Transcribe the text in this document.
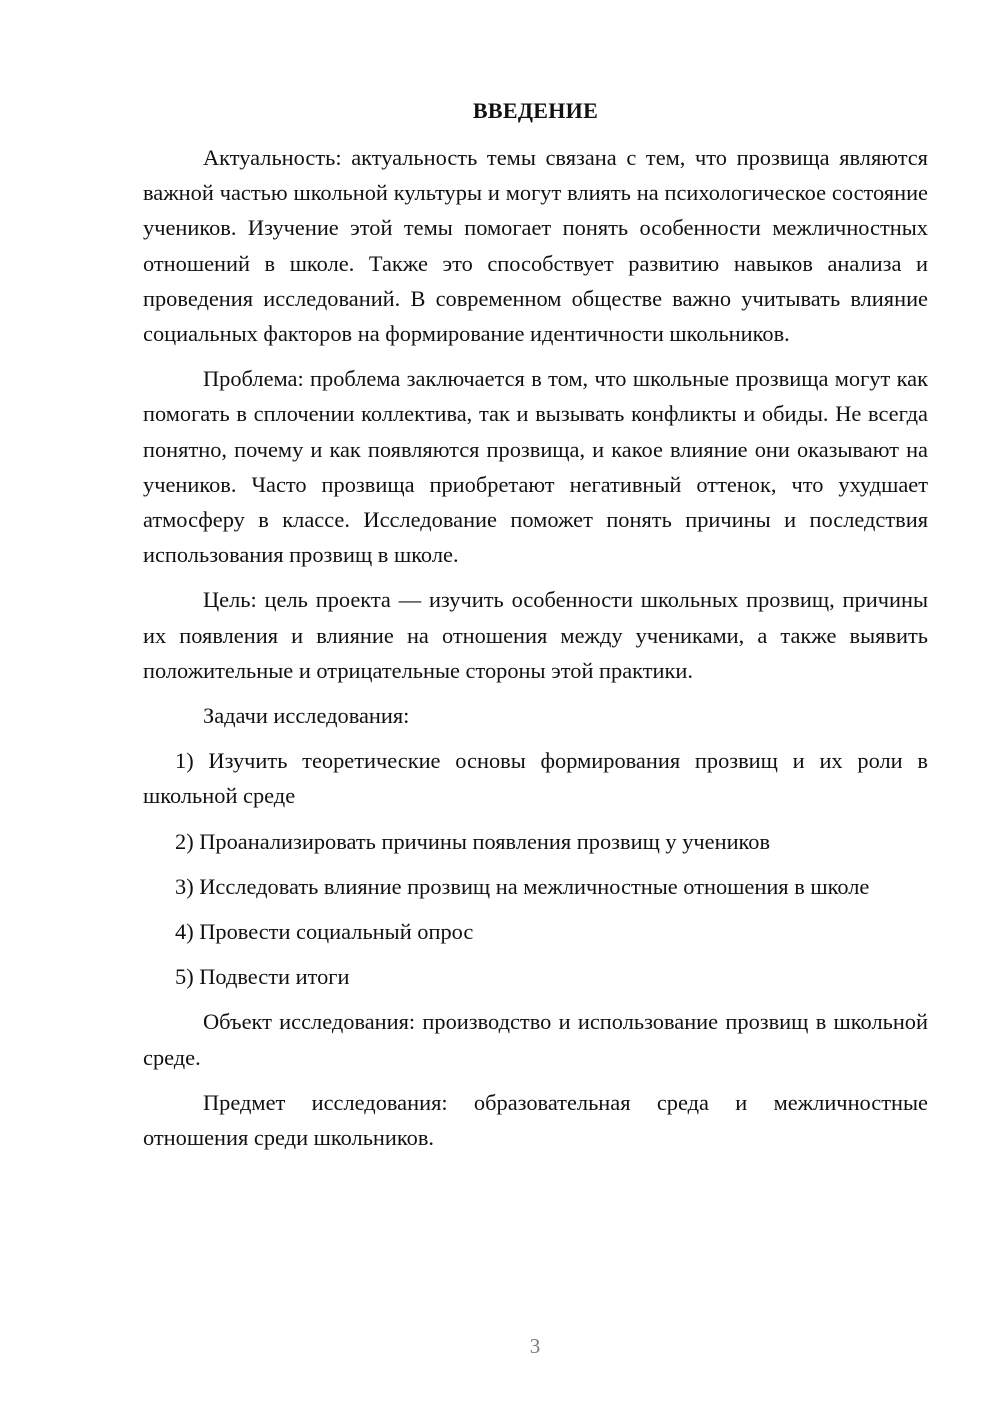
ВВЕДЕНИЕ

Актуальность: актуальность темы связана с тем, что прозвища являются важной частью школьной культуры и могут влиять на психологическое состояние учеников. Изучение этой темы помогает понять особенности межличностных отношений в школе. Также это способствует развитию навыков анализа и проведения исследований. В современном обществе важно учитывать влияние социальных факторов на формирование идентичности школьников.

Проблема: проблема заключается в том, что школьные прозвища могут как помогать в сплочении коллектива, так и вызывать конфликты и обиды. Не всегда понятно, почему и как появляются прозвища, и какое влияние они оказывают на учеников. Часто прозвища приобретают негативный оттенок, что ухудшает атмосферу в классе. Исследование поможет понять причины и последствия использования прозвищ в школе.

Цель: цель проекта — изучить особенности школьных прозвищ, причины их появления и влияние на отношения между учениками, а также выявить положительные и отрицательные стороны этой практики.

Задачи исследования:

1) Изучить теоретические основы формирования прозвищ и их роли в школьной среде

2) Проанализировать причины появления прозвищ у учеников

3) Исследовать влияние прозвищ на межличностные отношения в школе

4) Провести социальный опрос

5) Подвести итоги

Объект исследования: производство и использование прозвищ в школьной среде.

Предмет исследования: образовательная среда и межличностные отношения среди школьников.

3
